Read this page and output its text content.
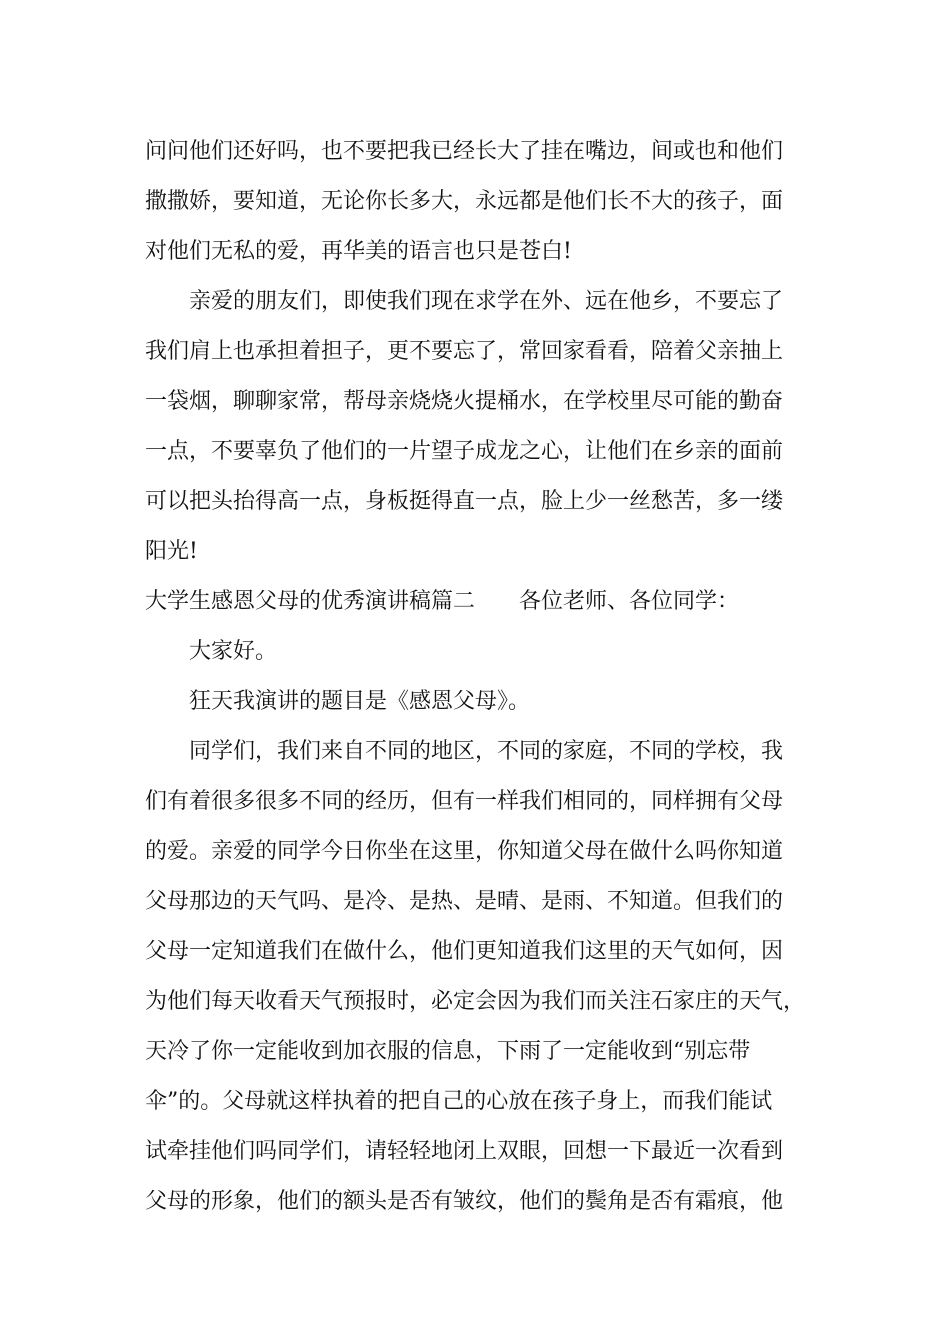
问问他们还好吗，也不要把我已经长大了挂在嘴边，间或也和他们
撒撒娇，要知道，无论你长多大，永远都是他们长不大的孩子，面
对他们无私的爱，再华美的语言也只是苍白!
亲爱的朋友们，即使我们现在求学在外、远在他乡，不要忘了
我们肩上也承担着担子，更不要忘了，常回家看看，陪着父亲抽上
一袋烟，聊聊家常，帮母亲烧烧火提桶水，在学校里尽可能的勤奋
一点，不要辜负了他们的一片望子成龙之心，让他们在乡亲的面前
可以把头抬得高一点，身板挺得直一点，脸上少一丝愁苦，多一缕
阳光!
大学生感恩父母的优秀演讲稿篇二　　各位老师、各位同学：
大家好。
狂天我演讲的题目是《感恩父母》。
同学们，我们来自不同的地区，不同的家庭，不同的学校，我
们有着很多很多不同的经历，但有一样我们相同的，同样拥有父母
的爱。亲爱的同学今日你坐在这里，你知道父母在做什么吗你知道
父母那边的天气吗、是冷、是热、是晴、是雨、不知道。但我们的
父母一定知道我们在做什么，他们更知道我们这里的天气如何，因
为他们每天收看天气预报时，必定会因为我们而关注石家庄的天气，
天冷了你一定能收到加衣服的信息，下雨了一定能收到“别忘带
伞”的。父母就这样执着的把自己的心放在孩子身上，而我们能试
试牵挂他们吗同学们，请轻轻地闭上双眼，回想一下最近一次看到
父母的形象，他们的额头是否有皱纹，他们的鬓角是否有霜痕，他
